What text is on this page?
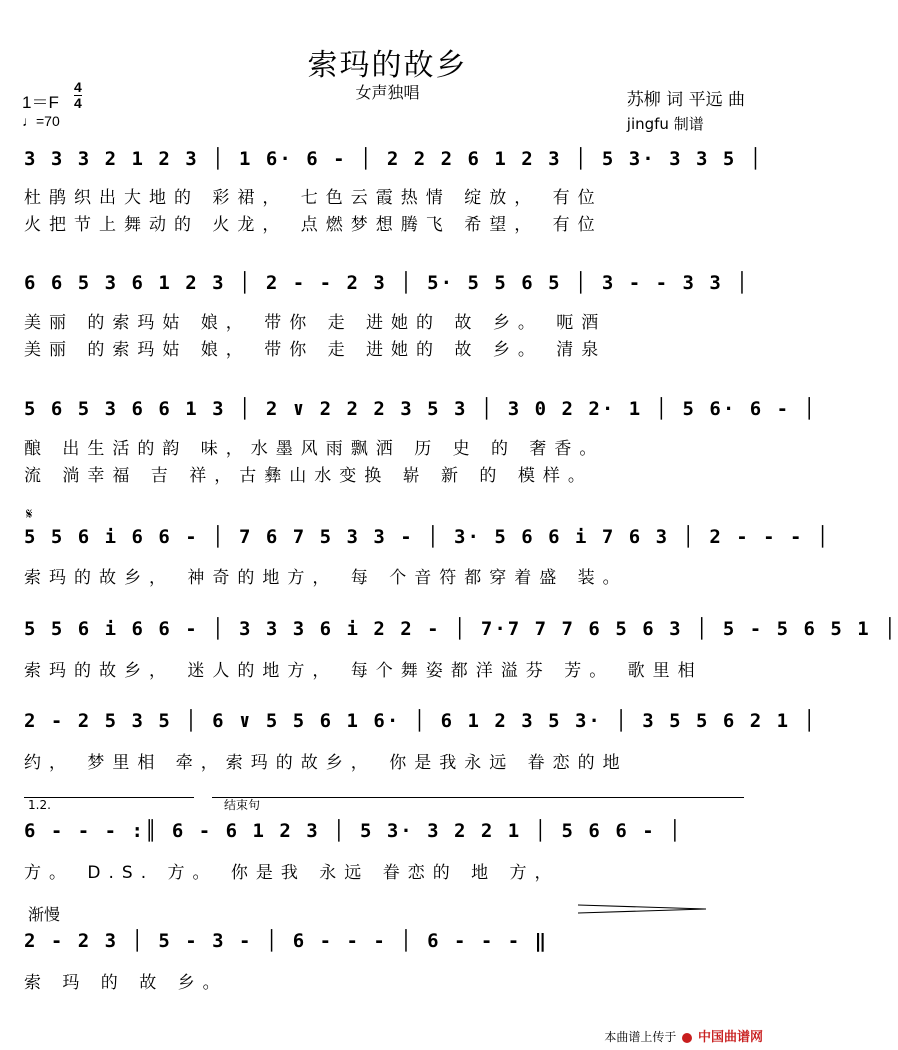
索玛的故乡
女声独唱
1＝F
4
4
♩=70
苏柳 词 平远 曲
jingfu 制谱
3 3 3 2 1 2 3 │ 1 6· 6 - │ 2 2 2 6 1 2 3 │ 5 3· 3 3 5 │
杜鹃织出大地的 彩裙， 七色云霞热情 绽放， 有位
火把节上舞动的 火龙， 点燃梦想腾飞 希望， 有位
6 6 5 3 6 1 2 3 │ 2 - - 2 3 │ 5· 5 5 6 5 │ 3 - - 3 3 │
美丽 的索玛姑 娘， 带你 走 进她的 故 乡。 呃酒
美丽 的索玛姑 娘， 带你 走 进她的 故 乡。 清泉
5 6 5 3 6 6 1 3 │ 2 ∨ 2 2 2 3 5 3 │ 3 0 2 2· 1 │ 5 6· 6 - │
酿 出生活的韵 味，水墨风雨飘洒 历 史 的 奢香。
流 淌幸福 吉 祥，古彝山水变换 崭 新 的 模样。
𝄋
5 5 6 i 6 6 - │ 7 6 7 5 3 3 - │ 3· 5 6 6 i 7 6 3 │ 2 - - - │
索玛的故乡， 神奇的地方， 每 个音符都穿着盛 装。
5 5 6 i 6 6 - │ 3 3 3 6 i 2 2 - │ 7·7 7 7 6 5 6 3 │ 5 - 5 6 5 1 │
索玛的故乡， 迷人的地方， 每个舞姿都洋溢芬 芳。 歌里相
2 - 2 5 3 5 │ 6 ∨ 5 5 6 1 6· │ 6 1 2 3 5 3· │ 3 5 5 6 2 1 │
约， 梦里相 牵，索玛的故乡， 你是我永远 眷恋的地
1.2.	结束句
6 - - - :║ 6 - 6 1 2 3 │ 5 3· 3 2 2 1 │ 5 6 6 - │
方。 D.S. 方。 你是我 永远 眷恋的 地 方，
渐慢
2 - 2 3 │ 5 - 3 - │ 6 - - - │ 6 - - - ‖
索 玛 的 故 乡。
本曲谱上传于 中国曲谱网
